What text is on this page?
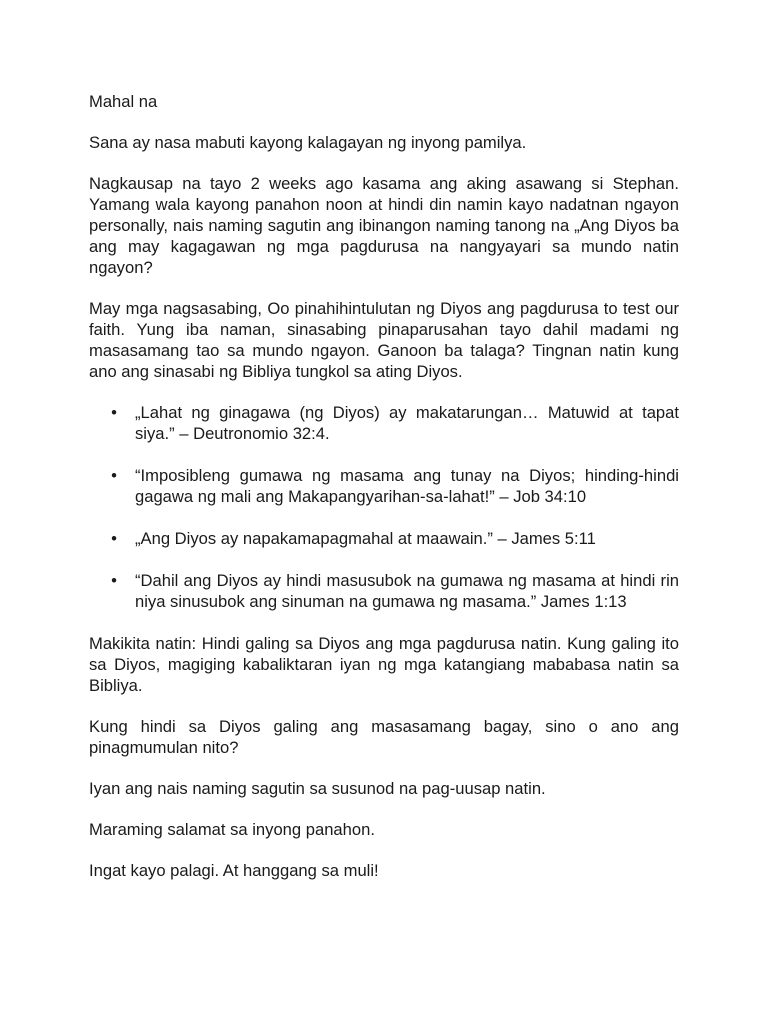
Mahal na

Sana ay nasa mabuti kayong kalagayan ng inyong pamilya.

Nagkausap na tayo 2 weeks ago kasama ang aking asawang si Stephan. Yamang wala kayong panahon noon at hindi din namin kayo nadatnan ngayon personally, nais naming sagutin ang ibinangon naming tanong na „Ang Diyos ba ang may kagagawan ng mga pagdurusa na nangyayari sa mundo natin ngayon?

May mga nagsasabing, Oo pinahihintulutan ng Diyos ang pagdurusa to test our faith. Yung iba naman, sinasabing pinaparusahan tayo dahil madami ng masasamang tao sa mundo ngayon. Ganoon ba talaga? Tingnan natin kung ano ang sinasabi ng Bibliya tungkol sa ating Diyos.

• „Lahat ng ginagawa (ng Diyos) ay makatarungan… Matuwid at tapat siya.” – Deutronomio 32:4.
• “Imposibleng gumawa ng masama ang tunay na Diyos; hinding-hindi gagawa ng mali ang Makapangyarihan-sa-lahat!” – Job 34:10
• „Ang Diyos ay napakamapagmahal at maawain.” – James 5:11
• “Dahil ang Diyos ay hindi masusubok na gumawa ng masama at hindi rin niya sinusubok ang sinuman na gumawa ng masama.” James 1:13

Makikita natin: Hindi galing sa Diyos ang mga pagdurusa natin. Kung galing ito sa Diyos, magiging kabaliktaran iyan ng mga katangiang mababasa natin sa Bibliya.

Kung hindi sa Diyos galing ang masasamang bagay, sino o ano ang pinagmumulan nito?

Iyan ang nais naming sagutin sa susunod na pag-uusap natin.

Maraming salamat sa inyong panahon.

Ingat kayo palagi. At hanggang sa muli!
